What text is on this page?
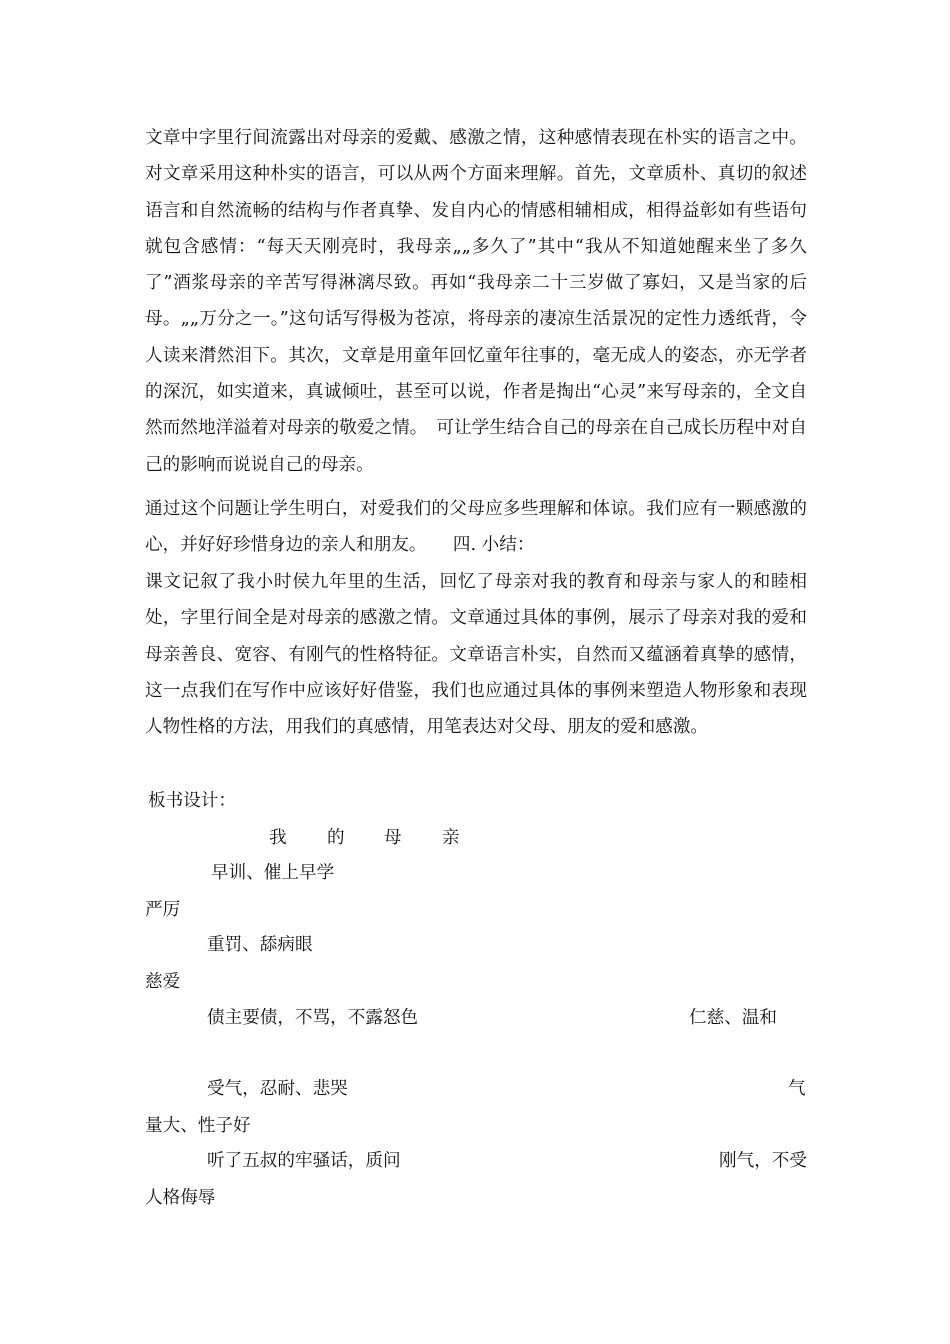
文章中字里行间流露出对母亲的爱戴、感激之情，这种感情表现在朴实的语言之中。对文章采用这种朴实的语言，可以从两个方面来理解。首先，文章质朴、真切的叙述语言和自然流畅的结构与作者真挚、发自内心的情感相辅相成，相得益彰如有些语句就包含感情：“每天天刚亮时，我母亲„„多久了”其中“我从不知道她醒来坐了多久了”酒浆母亲的辛苦写得淋漓尽致。再如“我母亲二十三岁做了寡妇，又是当家的后母。„„万分之一。”这句话写得极为苍凉，将母亲的凄凉生活景况的定性力透纸背，令人读来潸然泪下。其次，文章是用童年回忆童年往事的，毫无成人的姿态，亦无学者的深沉，如实道来，真诚倾吐，甚至可以说，作者是掏出“心灵”来写母亲的，全文自然而然地洋溢着对母亲的敬爱之情。　可让学生结合自己的母亲在自己成长历程中对自己的影响而说说自己的母亲。

通过这个问题让学生明白，对爱我们的父母应多些理解和体谅。我们应有一颗感激的心，并好好珍惜身边的亲人和朋友。　　四. 小结：

课文记叙了我小时侯九年里的生活，回忆了母亲对我的教育和母亲与家人的和睦相处，字里行间全是对母亲的感激之情。文章通过具体的事例，展示了母亲对我的爱和母亲善良、宽容、有刚气的性格特征。文章语言朴实，自然而又蕴涵着真挚的感情，这一点我们在写作中应该好好借鉴，我们也应通过具体的事例来塑造人物形象和表现人物性格的方法，用我们的真感情，用笔表达对父母、朋友的爱和感激。

板书设计：
我 的 母 亲
早训、催上早学
严厉
重罚、舔病眼
慈爱
债主要债，不骂，不露怒色	仁慈、温和
受气，忍耐、悲哭	气
量大、性子好
听了五叔的牢骚话，质问	刚气，不受
人格侮辱
